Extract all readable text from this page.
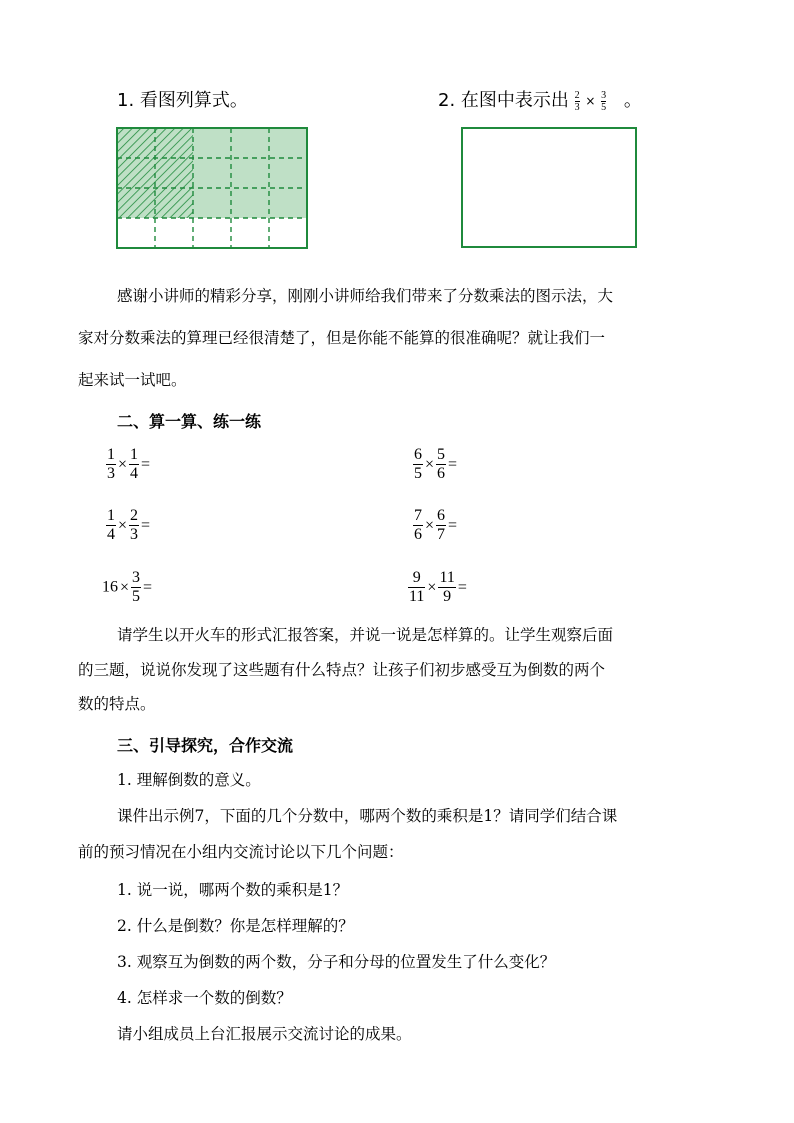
1. 看图列算式。	2. 在图中表示出 $\frac{2}{3} \times \frac{3}{5}$ 。
感谢小讲师的精彩分享，刚刚小讲师给我们带来了分数乘法的图示法，大
家对分数乘法的算理已经很清楚了，但是你能不能算的很准确呢？就让我们一
起来试一试吧。
二、算一算、练一练
$\frac{1}{3} \times \frac{1}{4}$ =	$\frac{6}{5} \times \frac{5}{6}$ =
$\frac{1}{4} \times \frac{2}{3}$ =	$\frac{7}{6} \times \frac{6}{7}$ =
$16 \times \frac{3}{5}$ =	$\frac{9}{11} \times \frac{11}{9}$ =
请学生以开火车的形式汇报答案，并说一说是怎样算的。让学生观察后面
的三题，说说你发现了这些题有什么特点？让孩子们初步感受互为倒数的两个
数的特点。
三、引导探究，合作交流
1. 理解倒数的意义。
课件出示例7，下面的几个分数中，哪两个数的乘积是1？请同学们结合课
前的预习情况在小组内交流讨论以下几个问题：
1. 说一说，哪两个数的乘积是1？
2. 什么是倒数？你是怎样理解的？
3. 观察互为倒数的两个数，分子和分母的位置发生了什么变化？
4. 怎样求一个数的倒数？
请小组成员上台汇报展示交流讨论的成果。
